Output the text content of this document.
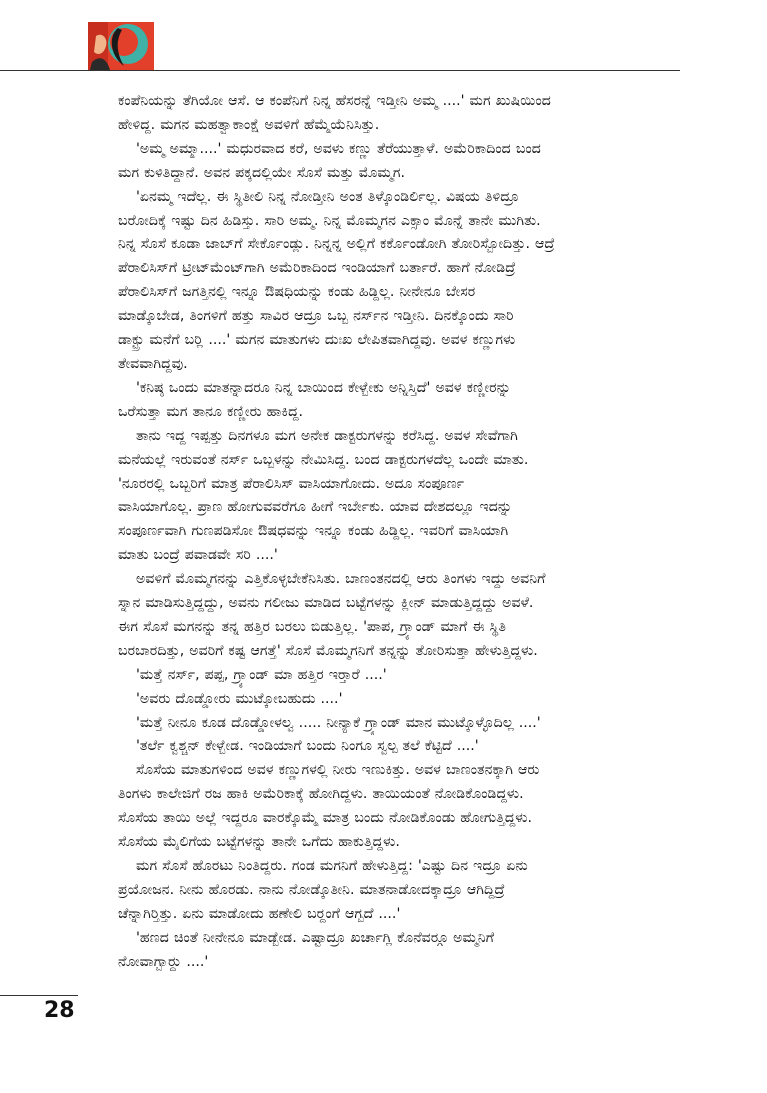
ಕಂಪೆನಿಯನ್ನು ತೆಗಿಯೋ ಆಸೆ. ಆ ಕಂಪೆನಿಗೆ ನಿನ್ನ ಹೆಸರನ್ನೆ ಇಡ್ತೀನಿ ಅಮ್ಮ ....' ಮಗ ಖುಷಿಯಿಂದ
ಹೇಳಿದ್ದ. ಮಗನ ಮಹತ್ವಾಕಾಂಕ್ಷೆ ಅವಳಿಗೆ ಹೆಮ್ಮೆಯೆನಿಸಿತ್ತು.

'ಅಮ್ಮ ಅಮ್ಮಾ....' ಮಧುರವಾದ ಕರೆ, ಅವಳು ಕಣ್ಣು ತೆರೆಯುತ್ತಾಳೆ. ಅಮೆರಿಕಾದಿಂದ ಬಂದ
ಮಗ ಕುಳಿತಿದ್ದಾನೆ. ಅವನ ಪಕ್ಕದಲ್ಲಿಯೇ ಸೊಸೆ ಮತ್ತು ಮೊಮ್ಮಗ.

'ಏನಮ್ಮ ಇದೆಲ್ಲ. ಈ ಸ್ಥಿತೀಲಿ ನಿನ್ನ ನೋಡ್ತೀನಿ ಅಂತ ತಿಳ್ಕೊಂಡಿರ್ಲಿಲ್ಲ. ವಿಷಯ ತಿಳಿದ್ರೂ
ಬರೋದಿಕ್ಕೆ ಇಷ್ಟು ದಿನ ಹಿಡಿಸ್ತು. ಸಾರಿ ಅಮ್ಮ. ನಿನ್ನ ಮೊಮ್ಮಗನ ಎಕ್ಸಾಂ ಮೊನ್ನೆ ತಾನೇ ಮುಗಿತು.
ನಿನ್ನ ಸೊಸೆ ಕೂಡಾ ಜಾಬ್‌ಗೆ ಸೇರ್ಕೊಂಡ್ಲು. ನಿನ್ನನ್ನ ಅಲ್ಲಿಗೆ ಕರ್ಕೊಂಡೋಗಿ ತೋರಿಸ್ಬೋದಿತ್ತು. ಆದ್ರೆ
ಪೆರಾಲಿಸಿಸ್‌ಗೆ ಟ್ರೀಟ್‌ಮೆಂಟ್‌ಗಾಗಿ ಅಮೆರಿಕಾದಿಂದ ಇಂಡಿಯಾಗೆ ಬರ್ತಾರೆ. ಹಾಗೆ ನೋಡಿದ್ರೆ
ಪೆರಾಲಿಸಿಸ್‌ಗೆ ಜಗತ್ತಿನಲ್ಲಿ ಇನ್ನೂ ಔಷಧಿಯನ್ನು ಕಂಡು ಹಿಡ್ದಿಲ್ಲ. ನೀನೇನೂ ಬೇಸರ
ಮಾಡ್ಕೊಬೇಡ, ತಿಂಗಳಿಗೆ ಹತ್ತು ಸಾವಿರ ಆದ್ರೂ ಒಬ್ಬ ನರ್ಸ್‌ನ ಇಡ್ತೀನಿ. ದಿನಕ್ಕೊಂದು ಸಾರಿ
ಡಾಕ್ಟ್ರು ಮನೆಗೆ ಬರ್‍ಲಿ ....' ಮಗನ ಮಾತುಗಳು ದುಃಖ ಲೇಪಿತವಾಗಿದ್ದವು. ಅವಳ ಕಣ್ಣುಗಳು
ತೇವವಾಗಿದ್ದವು.

'ಕನಿಷ್ಠ ಒಂದು ಮಾತನ್ನಾದರೂ ನಿನ್ನ ಬಾಯಿಂದ ಕೇಳ್ಬೇಕು ಅನ್ನಿಸ್ತಿದೆ' ಅವಳ ಕಣ್ಣೀರನ್ನು
ಒರೆಸುತ್ತಾ ಮಗ ತಾನೂ ಕಣ್ಣೀರು ಹಾಕಿದ್ದ.

ತಾನು ಇದ್ದ ಇಪ್ಪತ್ತು ದಿನಗಳೂ ಮಗ ಅನೇಕ ಡಾಕ್ಟರುಗಳನ್ನು ಕರೆಸಿದ್ದ. ಅವಳ ಸೇವೆಗಾಗಿ
ಮನೆಯಲ್ಲೆ ಇರುವಂತೆ ನರ್ಸ್ ಒಬ್ಬಳನ್ನು ನೇಮಿಸಿದ್ದ. ಬಂದ ಡಾಕ್ಟರುಗಳದೆಲ್ಲ ಒಂದೇ ಮಾತು.
'ನೂರರಲ್ಲಿ ಒಬ್ಬರಿಗೆ ಮಾತ್ರ ಪೆರಾಲಿಸಿಸ್ ವಾಸಿಯಾಗೋದು. ಅದೂ ಸಂಪೂರ್ಣ
ವಾಸಿಯಾಗೊಲ್ಲ. ಪ್ರಾಣ ಹೋಗುವವರೆಗೂ ಹೀಗೆ ಇರ್ಬೇಕು. ಯಾವ ದೇಶದಲ್ಲೂ ಇದನ್ನು
ಸಂಪೂರ್ಣವಾಗಿ ಗುಣಪಡಿಸೋ ಔಷಧವನ್ನು ಇನ್ನೂ ಕಂಡು ಹಿಡ್ದಿಲ್ಲ. ಇವರಿಗೆ ವಾಸಿಯಾಗಿ
ಮಾತು ಬಂದ್ರೆ ಪವಾಡವೇ ಸರಿ ....'

ಅವಳಿಗೆ ಮೊಮ್ಮಗನನ್ನು ಎತ್ತಿಕೊಳ್ಳಬೇಕೆನಿಸಿತು. ಬಾಣಂತನದಲ್ಲಿ ಆರು ತಿಂಗಳು ಇದ್ದು ಅವನಿಗೆ
ಸ್ನಾನ ಮಾಡಿಸುತ್ತಿದ್ದದ್ದು, ಅವನು ಗಲೀಜು ಮಾಡಿದ ಬಟ್ಟೆಗಳನ್ನು ಕ್ಲೀನ್ ಮಾಡುತ್ತಿದ್ದದ್ದು ಅವಳೆ.
ಈಗ ಸೊಸೆ ಮಗನನ್ನು ತನ್ನ ಹತ್ತಿರ ಬರಲು ಬಿಡುತ್ತಿಲ್ಲ. 'ಪಾಪ, ಗ್ರ್ಯಾಂಡ್ ಮಾಗೆ ಈ ಸ್ಥಿತಿ
ಬರಬಾರದಿತ್ತು, ಅವರಿಗೆ ಕಷ್ಟ ಆಗತ್ತೆ' ಸೊಸೆ ಮೊಮ್ಮಗನಿಗೆ ತನ್ನನ್ನು ತೋರಿಸುತ್ತಾ ಹೇಳುತ್ತಿದ್ದಳು.

'ಮತ್ತೆ ನರ್ಸ್, ಪಪ್ಪ, ಗ್ರ್ಯಾಂಡ್ ಮಾ ಹತ್ತಿರ ಇರ್‍ತಾರೆ ....'

'ಅವರು ದೊಡ್ಡೋರು ಮುಟ್ಕೋಬಹುದು ....'

'ಮತ್ತೆ ನೀನೂ ಕೂಡ ದೊಡ್ಡೋಳಲ್ವ ..... ನೀನ್ಯಾಕೆ ಗ್ರ್ಯಾಂಡ್ ಮಾನ ಮುಟ್ಕೊಳ್ಳೊದಿಲ್ಲ ....'

'ತರ್ಲೆ ಕ್ವಶ್ಚನ್ ಕೇಳ್ಬೇಡ. ಇಂಡಿಯಾಗೆ ಬಂದು ನಿಂಗೂ ಸ್ವಲ್ಪ ತಲೆ ಕೆಟ್ಟಿದೆ ....'

ಸೊಸೆಯ ಮಾತುಗಳಿಂದ ಅವಳ ಕಣ್ಣುಗಳಲ್ಲಿ ನೀರು ಇಣುಕಿತ್ತು. ಅವಳ ಬಾಣಂತನಕ್ಕಾಗಿ ಆರು
ತಿಂಗಳು ಕಾಲೇಜಿಗೆ ರಜ ಹಾಕಿ ಅಮೆರಿಕಾಕ್ಕೆ ಹೋಗಿದ್ದಳು. ತಾಯಿಯಂತೆ ನೋಡಿಕೊಂಡಿದ್ದಳು.
ಸೊಸೆಯ ತಾಯಿ ಅಲ್ಲೆ ಇದ್ದರೂ ವಾರಕ್ಕೊಮ್ಮೆ ಮಾತ್ರ ಬಂದು ನೋಡಿಕೊಂಡು ಹೋಗುತ್ತಿದ್ದಳು.
ಸೊಸೆಯ ಮೈಲಿಗೆಯ ಬಟ್ಟೆಗಳನ್ನು ತಾನೇ ಒಗೆದು ಹಾಕುತ್ತಿದ್ದಳು.

ಮಗ ಸೊಸೆ ಹೊರಟು ನಿಂತಿದ್ದರು. ಗಂಡ ಮಗನಿಗೆ ಹೇಳುತ್ತಿದ್ದ: 'ಎಷ್ಟು ದಿನ ಇದ್ರೂ ಏನು
ಪ್ರಯೋಜನ. ನೀನು ಹೊರಡು. ನಾನು ನೋಡ್ಕೊತೀನಿ. ಮಾತನಾಡೋದಕ್ಕಾದ್ರೂ ಆಗಿದ್ದಿದ್ರೆ
ಚೆನ್ನಾಗಿರ್‍ತಿತ್ತು. ಏನು ಮಾಡೋದು ಹಣೇಲಿ ಬರ್‍ದಂಗೆ ಆಗ್ಬದೆ ....'

'ಹಣದ ಚಿಂತೆ ನೀನೇನೂ ಮಾಡ್ಬೇಡ. ಎಷ್ಟಾದ್ರೂ ಖರ್ಚಾಗ್ಲಿ ಕೊನೆವರ್‍ಗೂ ಅಮ್ಮನಿಗೆ
ನೋವಾಗ್ಬಾರ್‍ದು ....'

28
